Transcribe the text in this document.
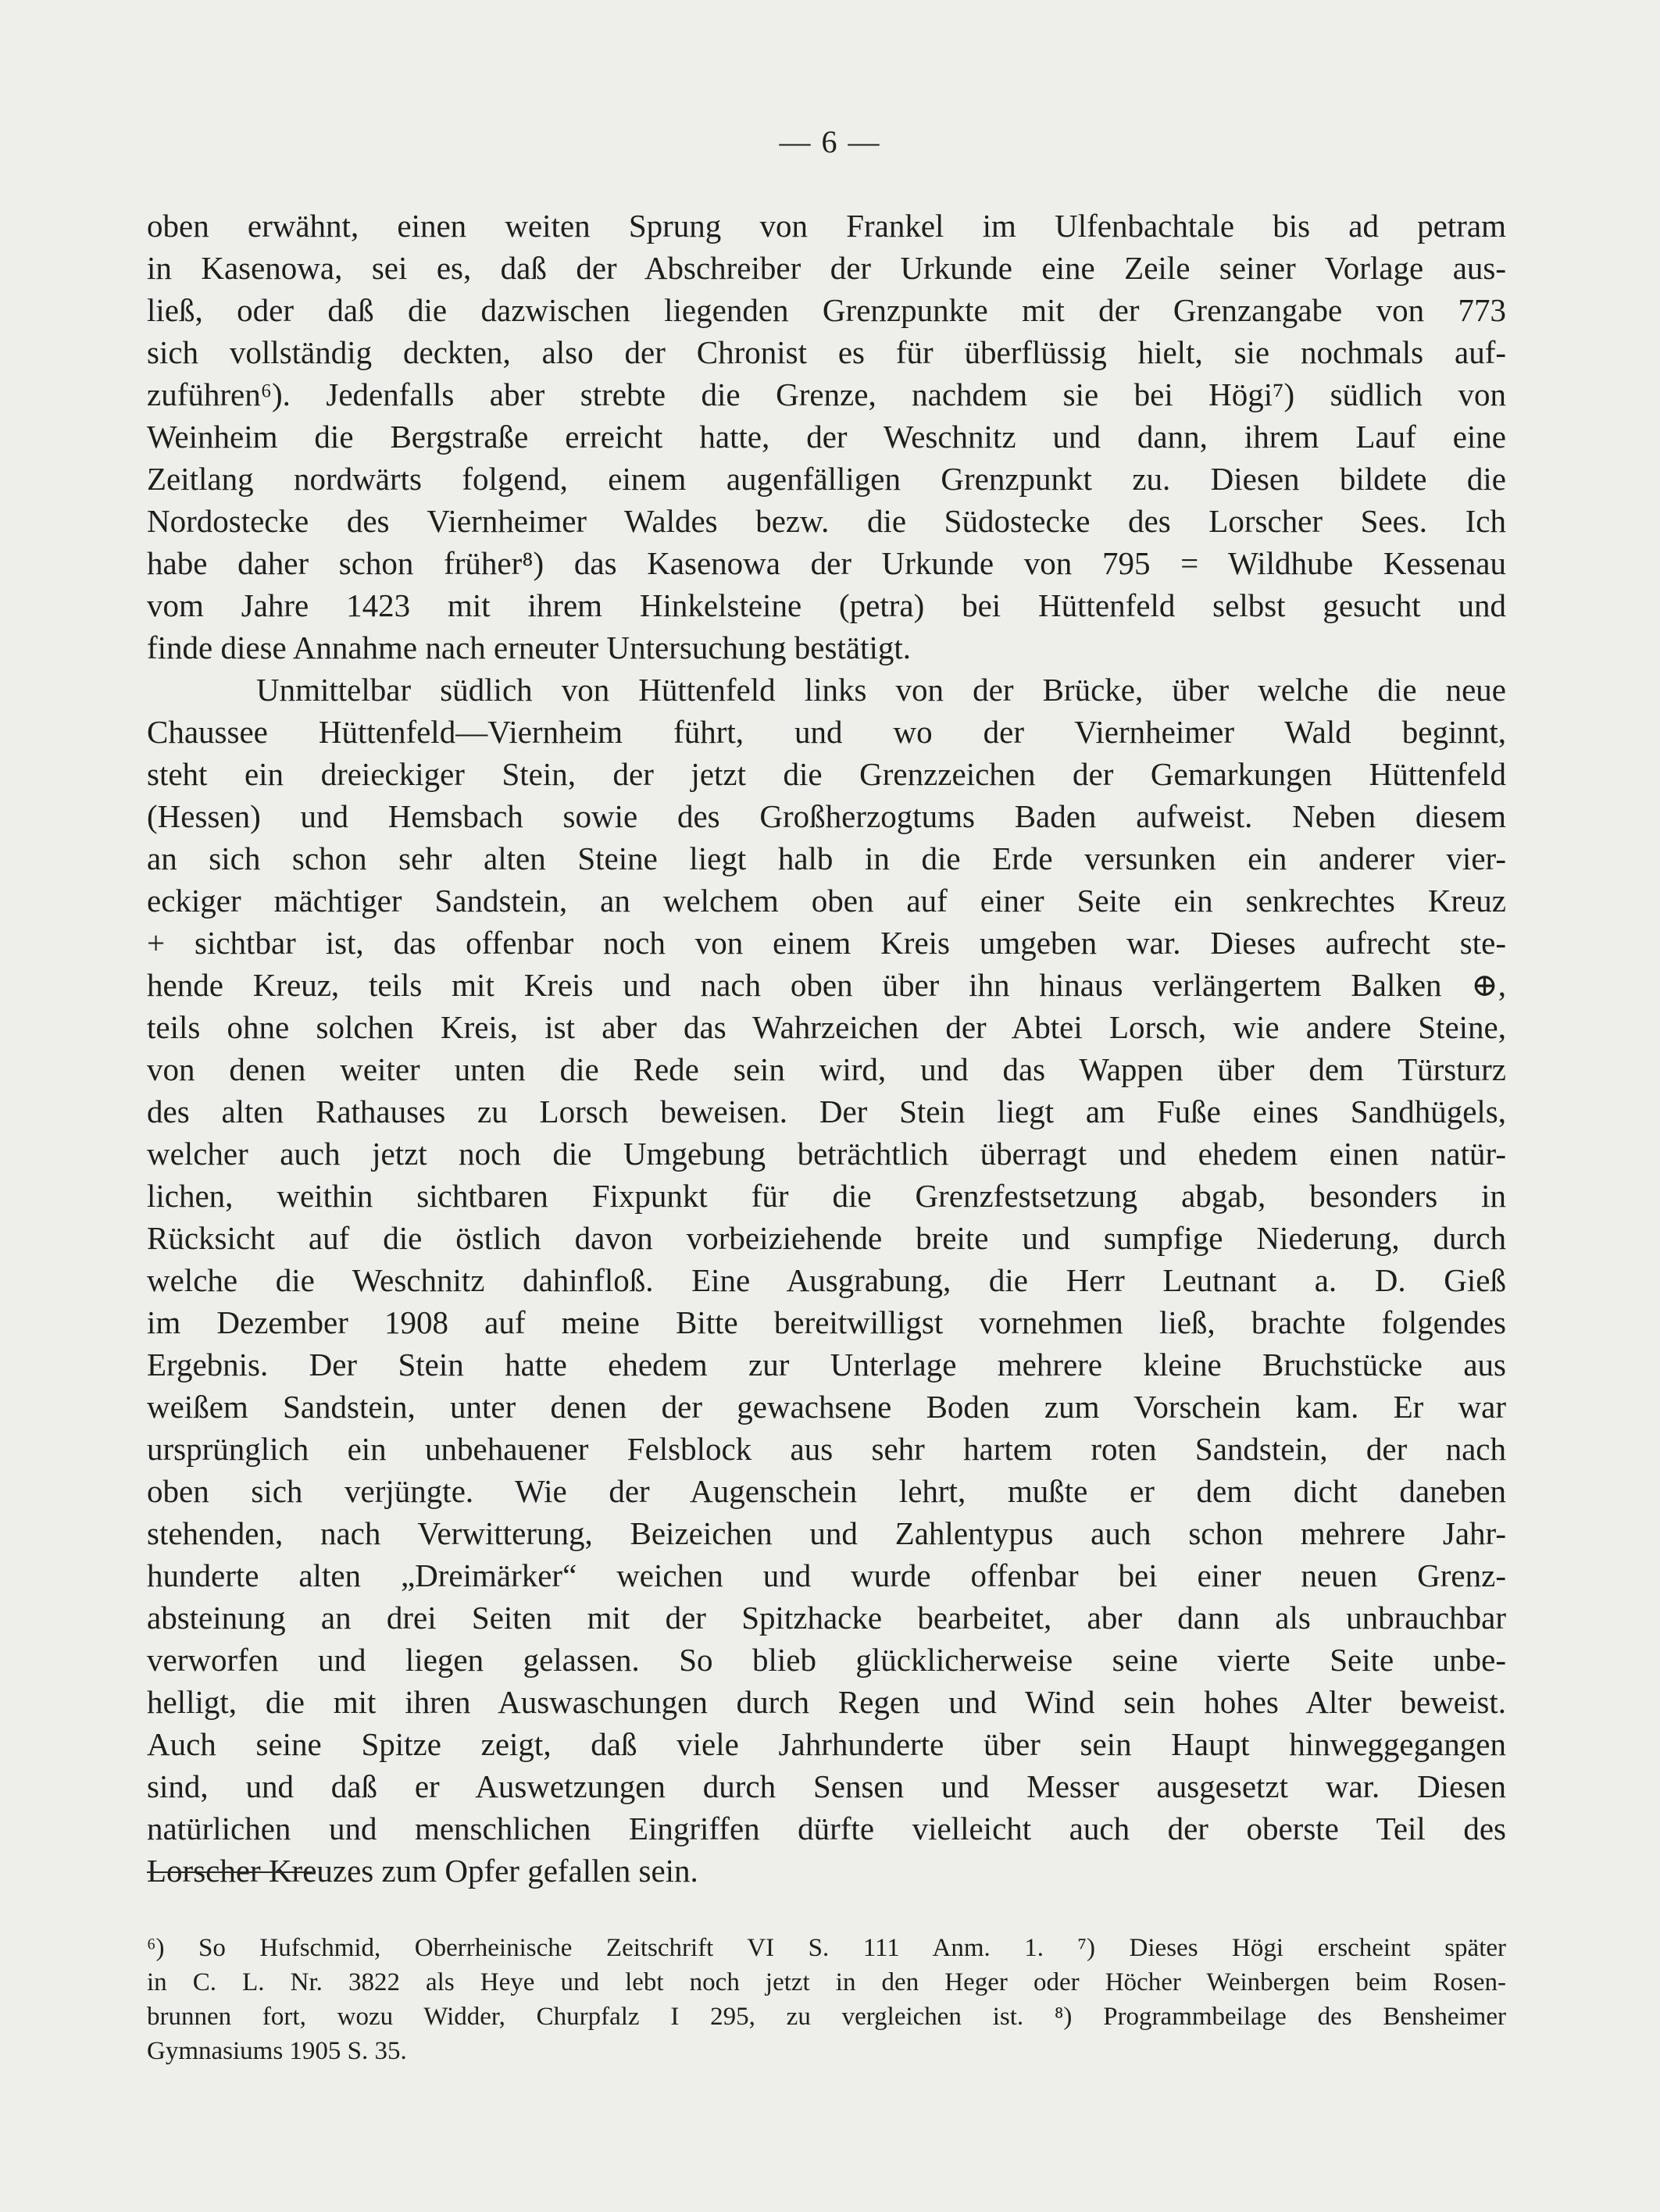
— 6 —
oben erwähnt, einen weiten Sprung von Frankel im Ulfenbachtale bis ad petram
in Kasenowa, sei es, daß der Abschreiber der Urkunde eine Zeile seiner Vorlage aus-
ließ, oder daß die dazwischen liegenden Grenzpunkte mit der Grenzangabe von 773
sich vollständig deckten, also der Chronist es für überflüssig hielt, sie nochmals auf-
zuführen⁶). Jedenfalls aber strebte die Grenze, nachdem sie bei Högi⁷) südlich von
Weinheim die Bergstraße erreicht hatte, der Weschnitz und dann, ihrem Lauf eine
Zeitlang nordwärts folgend, einem augenfälligen Grenzpunkt zu. Diesen bildete die
Nordostecke des Viernheimer Waldes bezw. die Südostecke des Lorscher Sees. Ich
habe daher schon früher⁸) das Kasenowa der Urkunde von 795 = Wildhube Kessenau
vom Jahre 1423 mit ihrem Hinkelsteine (petra) bei Hüttenfeld selbst gesucht und
finde diese Annahme nach erneuter Untersuchung bestätigt.
Unmittelbar südlich von Hüttenfeld links von der Brücke, über welche die neue
Chaussee Hüttenfeld—Viernheim führt, und wo der Viernheimer Wald beginnt,
steht ein dreieckiger Stein, der jetzt die Grenzzeichen der Gemarkungen Hüttenfeld
(Hessen) und Hemsbach sowie des Großherzogtums Baden aufweist. Neben diesem
an sich schon sehr alten Steine liegt halb in die Erde versunken ein anderer vier-
eckiger mächtiger Sandstein, an welchem oben auf einer Seite ein senkrechtes Kreuz
+ sichtbar ist, das offenbar noch von einem Kreis umgeben war. Dieses aufrecht ste-
hende Kreuz, teils mit Kreis und nach oben über ihn hinaus verlängertem Balken ⊕,
teils ohne solchen Kreis, ist aber das Wahrzeichen der Abtei Lorsch, wie andere Steine,
von denen weiter unten die Rede sein wird, und das Wappen über dem Türsturz
des alten Rathauses zu Lorsch beweisen. Der Stein liegt am Fuße eines Sandhügels,
welcher auch jetzt noch die Umgebung beträchtlich überragt und ehedem einen natür-
lichen, weithin sichtbaren Fixpunkt für die Grenzfestsetzung abgab, besonders in
Rücksicht auf die östlich davon vorbeiziehende breite und sumpfige Niederung, durch
welche die Weschnitz dahinfloß. Eine Ausgrabung, die Herr Leutnant a. D. Gieß
im Dezember 1908 auf meine Bitte bereitwilligst vornehmen ließ, brachte folgendes
Ergebnis. Der Stein hatte ehedem zur Unterlage mehrere kleine Bruchstücke aus
weißem Sandstein, unter denen der gewachsene Boden zum Vorschein kam. Er war
ursprünglich ein unbehauener Felsblock aus sehr hartem roten Sandstein, der nach
oben sich verjüngte. Wie der Augenschein lehrt, mußte er dem dicht daneben
stehenden, nach Verwitterung, Beizeichen und Zahlentypus auch schon mehrere Jahr-
hunderte alten „Dreimärker“ weichen und wurde offenbar bei einer neuen Grenz-
absteinung an drei Seiten mit der Spitzhacke bearbeitet, aber dann als unbrauchbar
verworfen und liegen gelassen. So blieb glücklicherweise seine vierte Seite unbe-
helligt, die mit ihren Auswaschungen durch Regen und Wind sein hohes Alter beweist.
Auch seine Spitze zeigt, daß viele Jahrhunderte über sein Haupt hinweggegangen
sind, und daß er Auswetzungen durch Sensen und Messer ausgesetzt war. Diesen
natürlichen und menschlichen Eingriffen dürfte vielleicht auch der oberste Teil des
Lorscher Kreuzes zum Opfer gefallen sein.
⁶) So Hufschmid, Oberrheinische Zeitschrift VI S. 111 Anm. 1. ⁷) Dieses Högi erscheint später
in C. L. Nr. 3822 als Heye und lebt noch jetzt in den Heger oder Höcher Weinbergen beim Rosen-
brunnen fort, wozu Widder, Churpfalz I 295, zu vergleichen ist. ⁸) Programmbeilage des Bensheimer
Gymnasiums 1905 S. 35.
